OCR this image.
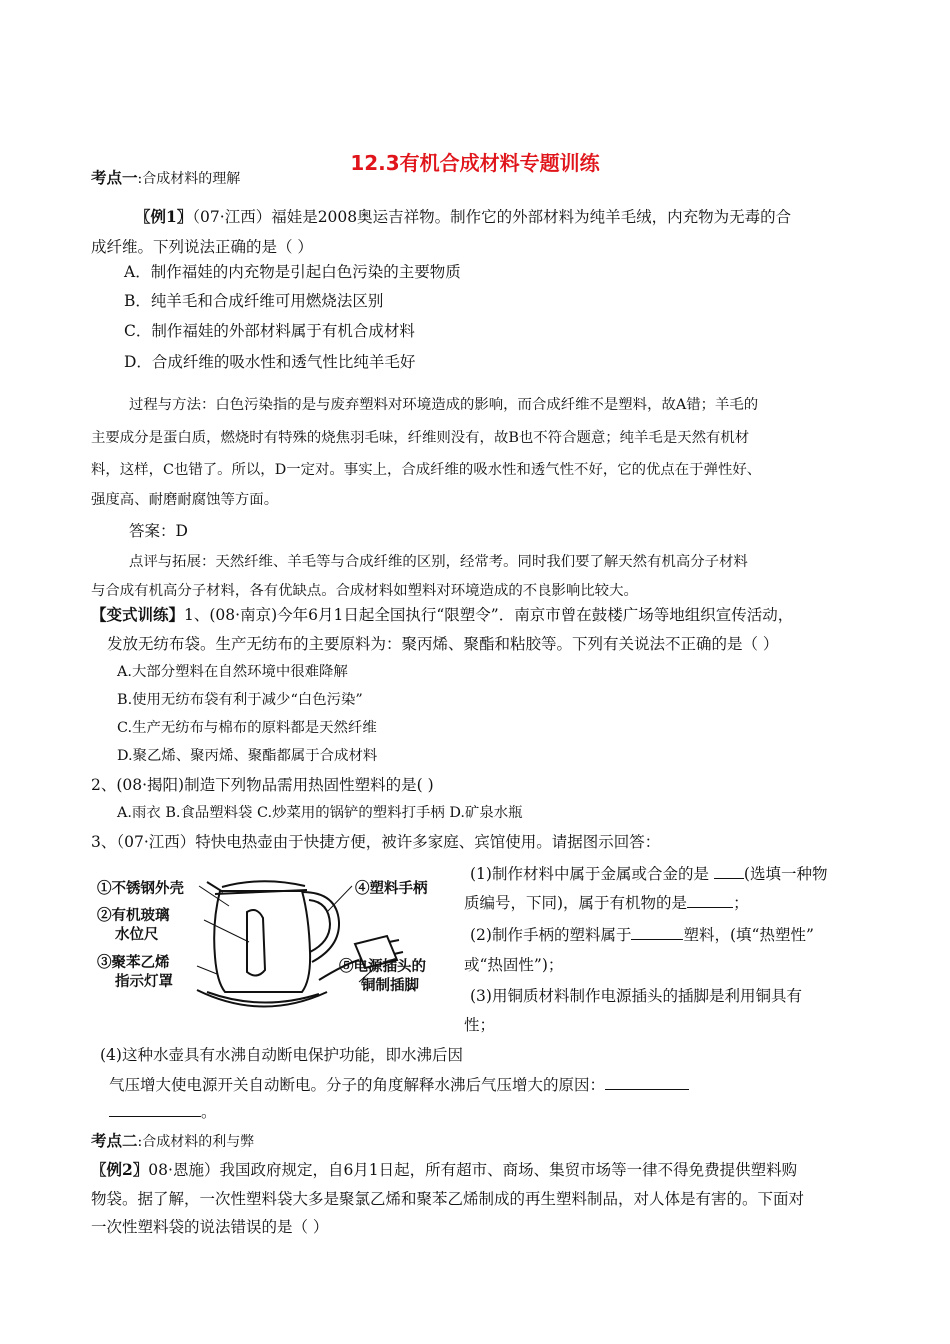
12.3有机合成材料专题训练
考点一:合成材料的理解
〖例1〗（07·江西）福娃是2008奥运吉祥物。制作它的外部材料为纯羊毛绒，内充物为无毒的合
成纤维。下列说法正确的是（ ）
A．制作福娃的内充物是引起白色污染的主要物质
B．纯羊毛和合成纤维可用燃烧法区别
C．制作福娃的外部材料属于有机合成材料
D．合成纤维的吸水性和透气性比纯羊毛好
过程与方法：白色污染指的是与废弃塑料对环境造成的影响，而合成纤维不是塑料，故A错；羊毛的
主要成分是蛋白质，燃烧时有特殊的烧焦羽毛味，纤维则没有，故B也不符合题意；纯羊毛是天然有机材
料，这样，C也错了。所以，D一定对。事实上，合成纤维的吸水性和透气性不好，它的优点在于弹性好、
强度高、耐磨耐腐蚀等方面。
答案：D
点评与拓展：天然纤维、羊毛等与合成纤维的区别，经常考。同时我们要了解天然有机高分子材料
与合成有机高分子材料，各有优缺点。合成材料如塑料对环境造成的不良影响比较大。
【变式训练】1、(08·南京)今年6月1日起全国执行“限塑令”．南京市曾在鼓楼广场等地组织宣传活动，
发放无纺布袋。生产无纺布的主要原料为：聚丙烯、聚酯和粘胶等。下列有关说法不正确的是（ ）
A.大部分塑料在自然环境中很难降解
B.使用无纺布袋有利于减少“白色污染”
C.生产无纺布与棉布的原料都是天然纤维
D.聚乙烯、聚丙烯、聚酯都属于合成材料
2、(08·揭阳)制造下列物品需用热固性塑料的是( )
A.雨衣 B.食品塑料袋 C.炒菜用的锅铲的塑料打手柄 D.矿泉水瓶
3、（07·江西）特快电热壶由于快捷方便，被许多家庭、宾馆使用。请据图示回答：
①不锈钢外壳
②有机玻璃
水位尺
③聚苯乙烯
指示灯罩
④塑料手柄
⑤电源插头的
铜制插脚
(1)制作材料中属于金属或合金的是 (选填一种物
质编号，下同)，属于有机物的是	；
(2)制作手柄的塑料属于	塑料，(填“热塑性”
或“热固性”)；
(3)用铜质材料制作电源插头的插脚是利用铜具有
性；
(4)这种水壶具有水沸自动断电保护功能，即水沸后因
气压增大使电源开关自动断电。分子的角度解释水沸后气压增大的原因：
。
考点二:合成材料的利与弊
〖例2〗08·恩施）我国政府规定，自6月1日起，所有超市、商场、集贸市场等一律不得免费提供塑料购
物袋。据了解，一次性塑料袋大多是聚氯乙烯和聚苯乙烯制成的再生塑料制品，对人体是有害的。下面对
一次性塑料袋的说法错误的是（ ）
